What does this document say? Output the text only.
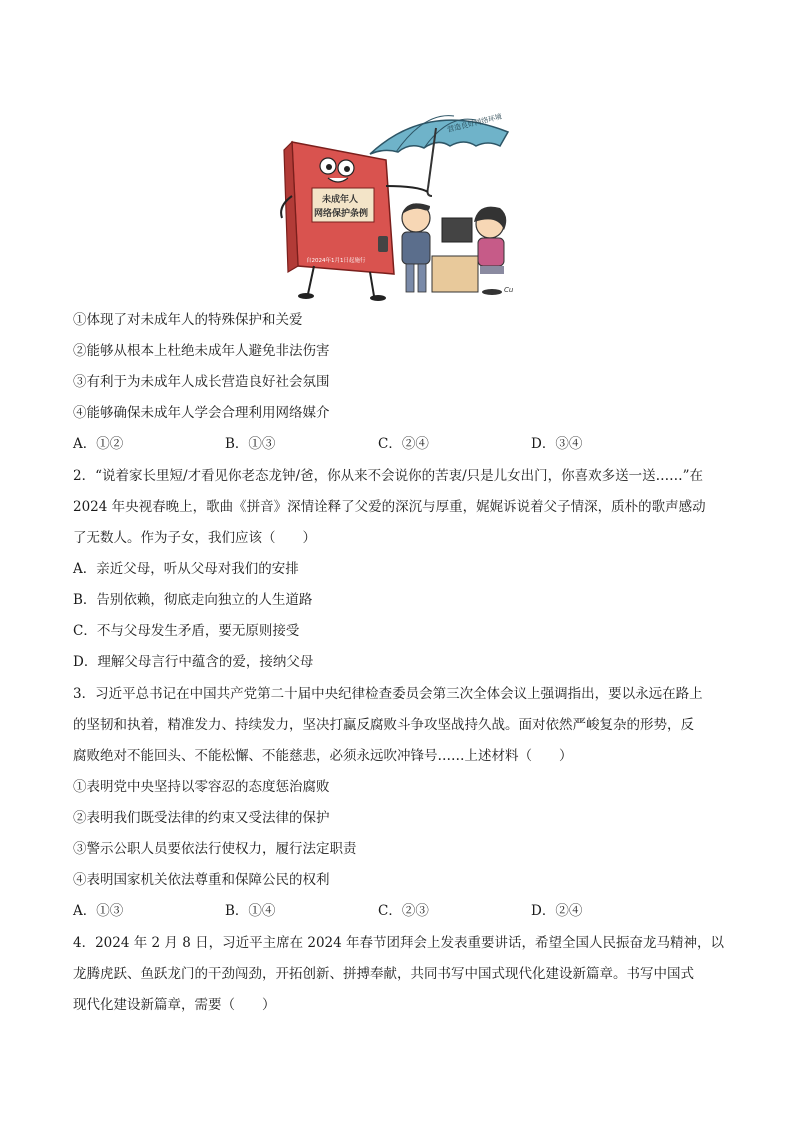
营造良好网络环境
未成年人
网络保护条例
自2024年1月1日起施行
Cu
①体现了对未成年人的特殊保护和关爱
②能够从根本上杜绝未成年人避免非法伤害
③有利于为未成年人成长营造良好社会氛围
④能够确保未成年人学会合理利用网络媒介
A．①②	B．①③	C．②④	D．③④
2．“说着家长里短/才看见你老态龙钟/爸，你从来不会说你的苦衷/只是儿女出门，你喜欢多送一送……”在
2024 年央视春晚上，歌曲《拼音》深情诠释了父爱的深沉与厚重，娓娓诉说着父子情深，质朴的歌声感动
了无数人。作为子女，我们应该（　　）
A．亲近父母，听从父母对我们的安排
B．告别依赖，彻底走向独立的人生道路
C．不与父母发生矛盾，要无原则接受
D．理解父母言行中蕴含的爱，接纳父母
3．习近平总书记在中国共产党第二十届中央纪律检查委员会第三次全体会议上强调指出，要以永远在路上
的坚韧和执着，精准发力、持续发力，坚决打赢反腐败斗争攻坚战持久战。面对依然严峻复杂的形势，反
腐败绝对不能回头、不能松懈、不能慈悲，必须永远吹冲锋号……上述材料（　　）
①表明党中央坚持以零容忍的态度惩治腐败
②表明我们既受法律的约束又受法律的保护
③警示公职人员要依法行使权力，履行法定职责
④表明国家机关依法尊重和保障公民的权利
A．①③	B．①④	C．②③	D．②④
4．2024 年 2 月 8 日，习近平主席在 2024 年春节团拜会上发表重要讲话，希望全国人民振奋龙马精神，以
龙腾虎跃、鱼跃龙门的干劲闯劲，开拓创新、拼搏奉献，共同书写中国式现代化建设新篇章。书写中国式
现代化建设新篇章，需要（　　）
